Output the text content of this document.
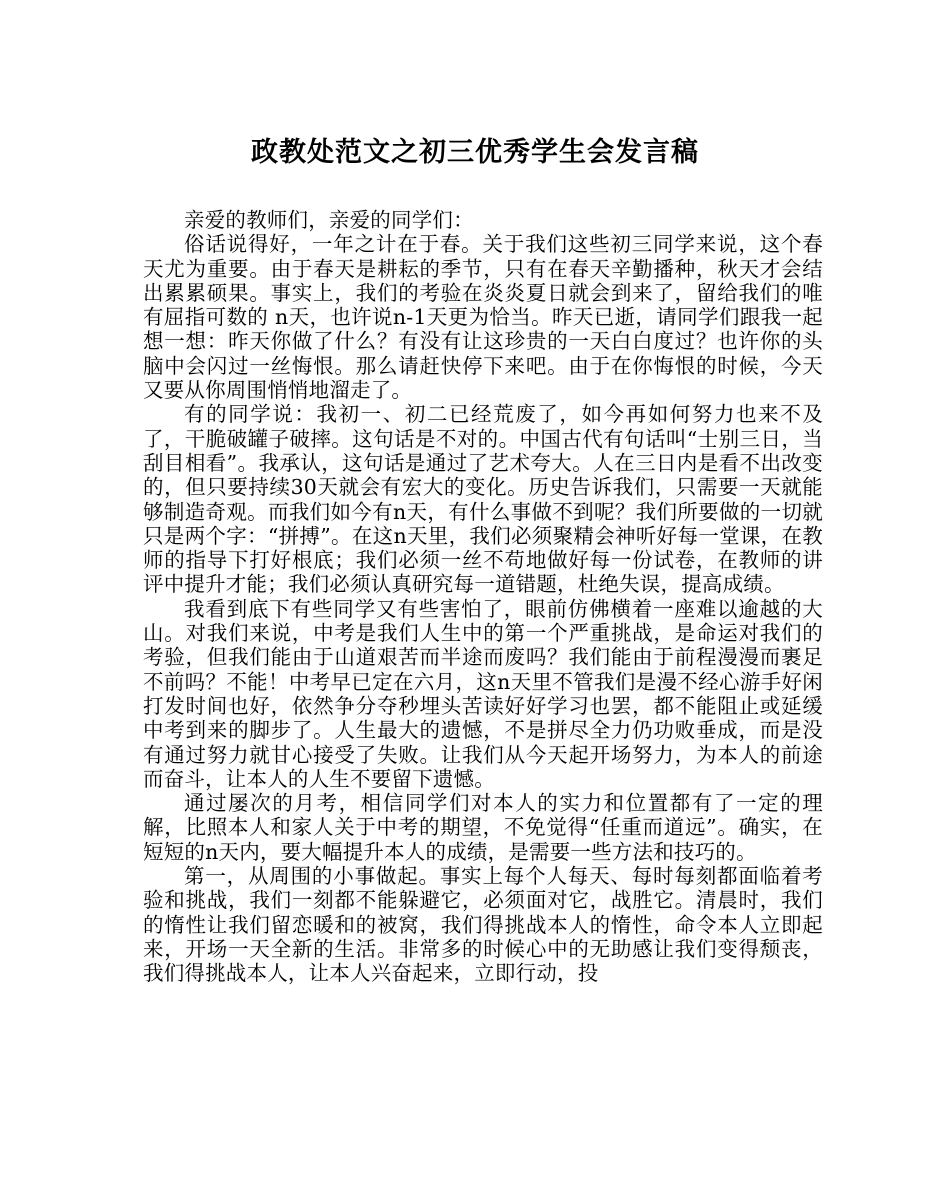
政教处范文之初三优秀学生会发言稿

亲爱的教师们，亲爱的同学们：

俗话说得好，一年之计在于春。关于我们这些初三同学来说，这个春天尤为重要。由于春天是耕耘的季节，只有在春天辛勤播种，秋天才会结出累累硕果。事实上，我们的考验在炎炎夏日就会到来了，留给我们的唯有屈指可数的 n天，也许说n-1天更为恰当。昨天已逝，请同学们跟我一起想一想：昨天你做了什么？有没有让这珍贵的一天白白度过？也许你的头脑中会闪过一丝悔恨。那么请赶快停下来吧。由于在你悔恨的时候，今天又要从你周围悄悄地溜走了。

有的同学说：我初一、初二已经荒废了，如今再如何努力也来不及了，干脆破罐子破摔。这句话是不对的。中国古代有句话叫“士别三日，当刮目相看”。我承认，这句话是通过了艺术夸大。人在三日内是看不出改变的，但只要持续30天就会有宏大的变化。历史告诉我们，只需要一天就能够制造奇观。而我们如今有n天，有什么事做不到呢？我们所要做的一切就只是两个字：“拼搏”。在这n天里，我们必须聚精会神听好每一堂课，在教师的指导下打好根底；我们必须一丝不苟地做好每一份试卷，在教师的讲评中提升才能；我们必须认真研究每一道错题，杜绝失误，提高成绩。

我看到底下有些同学又有些害怕了，眼前仿佛横着一座难以逾越的大山。对我们来说，中考是我们人生中的第一个严重挑战，是命运对我们的考验，但我们能由于山道艰苦而半途而废吗？我们能由于前程漫漫而裹足不前吗？不能！中考早已定在六月，这n天里不管我们是漫不经心游手好闲打发时间也好，依然争分夺秒埋头苦读好好学习也罢，都不能阻止或延缓中考到来的脚步了。人生最大的遗憾，不是拼尽全力仍功败垂成，而是没有通过努力就甘心接受了失败。让我们从今天起开场努力，为本人的前途而奋斗，让本人的人生不要留下遗憾。

通过屡次的月考，相信同学们对本人的实力和位置都有了一定的理解，比照本人和家人关于中考的期望，不免觉得“任重而道远”。确实，在短短的n天内，要大幅提升本人的成绩，是需要一些方法和技巧的。

第一，从周围的小事做起。事实上每个人每天、每时每刻都面临着考验和挑战，我们一刻都不能躲避它，必须面对它，战胜它。清晨时，我们的惰性让我们留恋暖和的被窝，我们得挑战本人的惰性，命令本人立即起来，开场一天全新的生活。非常多的时候心中的无助感让我们变得颓丧，我们得挑战本人，让本人兴奋起来，立即行动，投
